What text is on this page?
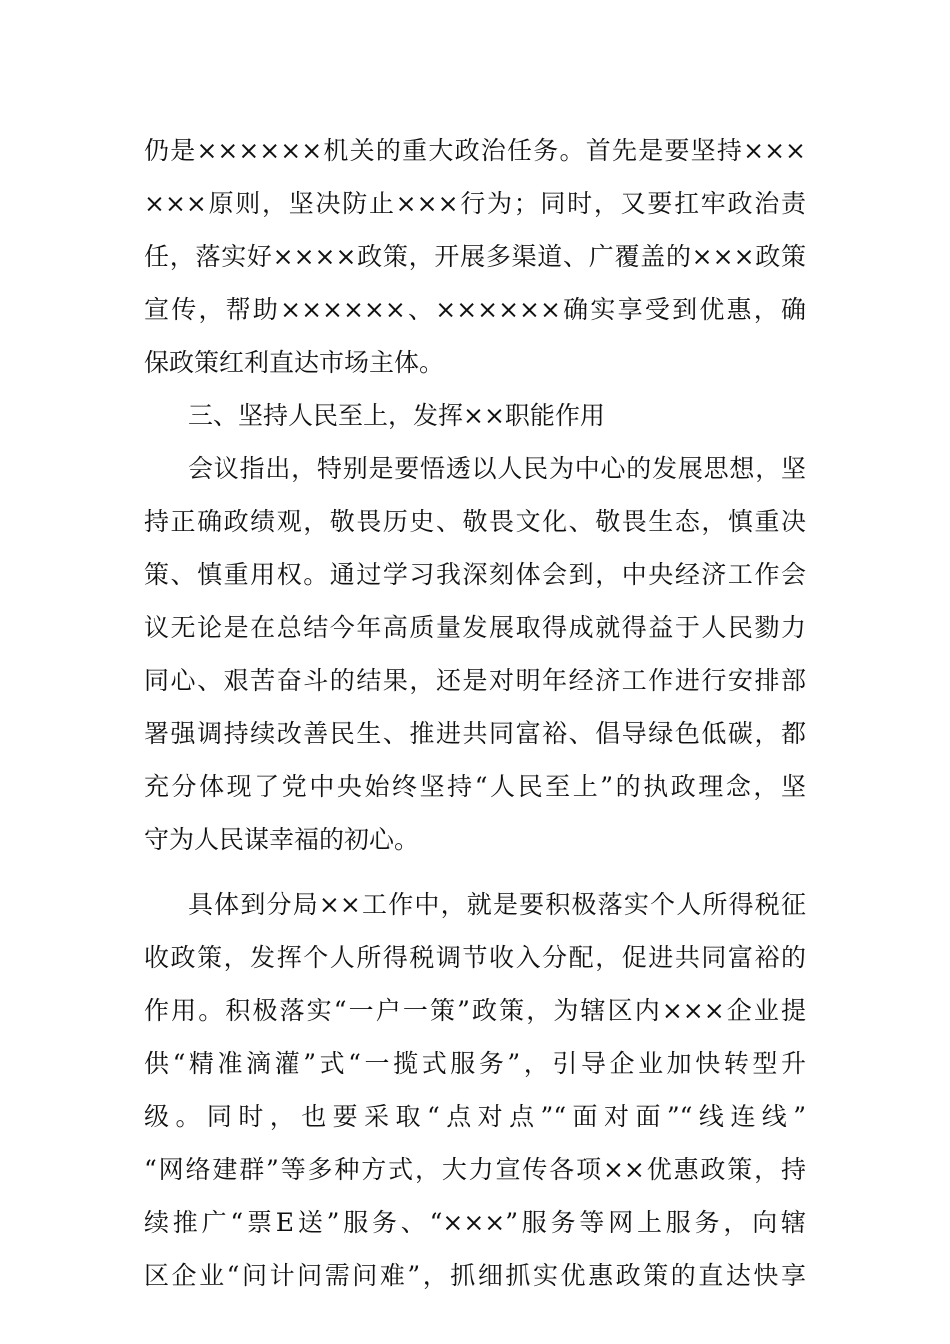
仍是××××××机关的重大政治任务。首先是要坚持×××
×××原则，坚决防止×××行为；同时，又要扛牢政治责
任，落实好××××政策，开展多渠道、广覆盖的×××政策
宣传，帮助××××××、××××××确实享受到优惠，确
保政策红利直达市场主体。
三、坚持人民至上，发挥××职能作用
会议指出，特别是要悟透以人民为中心的发展思想，坚
持正确政绩观，敬畏历史、敬畏文化、敬畏生态，慎重决
策、慎重用权。通过学习我深刻体会到，中央经济工作会
议无论是在总结今年高质量发展取得成就得益于人民勠力
同心、艰苦奋斗的结果，还是对明年经济工作进行安排部
署强调持续改善民生、推进共同富裕、倡导绿色低碳，都
充分体现了党中央始终坚持“人民至上”的执政理念，坚
守为人民谋幸福的初心。
具体到分局××工作中，就是要积极落实个人所得税征
收政策，发挥个人所得税调节收入分配，促进共同富裕的
作用。积极落实“一户一策”政策，为辖区内×××企业提
供“精准滴灌”式“一揽式服务”，引导企业加快转型升
级。同时，也要采取“点对点”“面对面”“线连线”
“网络建群”等多种方式，大力宣传各项××优惠政策，持
续推广“票E送”服务、“×××”服务等网上服务，向辖
区企业“问计问需问难”，抓细抓实优惠政策的直达快享
